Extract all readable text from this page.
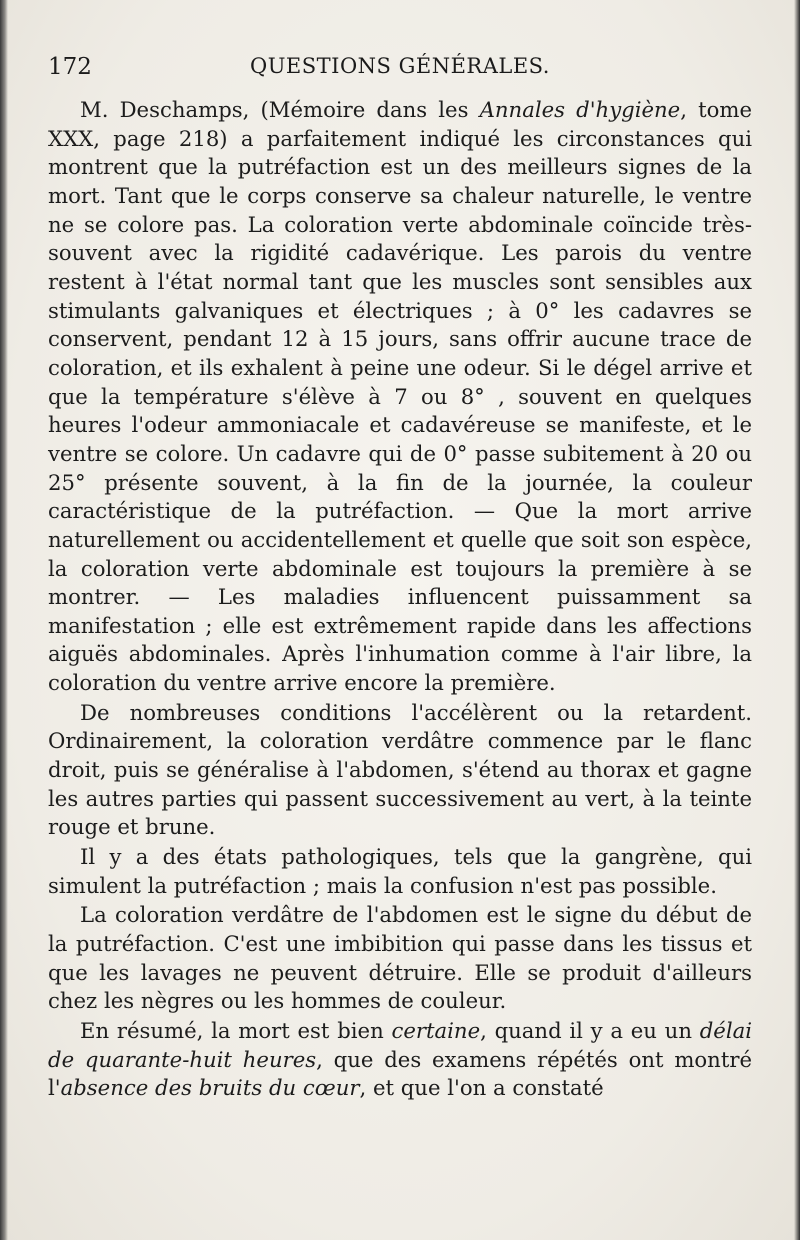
172	QUESTIONS GÉNÉRALES.

M. Deschamps, (Mémoire dans les Annales d'hygiène, tome XXX, page 218) a parfaitement indiqué les circonstances qui montrent que la putréfaction est un des meilleurs signes de la mort. Tant que le corps conserve sa chaleur naturelle, le ventre ne se colore pas. La coloration verte abdominale coïncide très-souvent avec la rigidité cadavérique. Les parois du ventre restent à l'état normal tant que les muscles sont sensibles aux stimulants galvaniques et électriques ; à 0° les cadavres se conservent, pendant 12 à 15 jours, sans offrir aucune trace de coloration, et ils exhalent à peine une odeur. Si le dégel arrive et que la température s'élève à 7 ou 8° , souvent en quelques heures l'odeur ammoniacale et cadavéreuse se manifeste, et le ventre se colore. Un cadavre qui de 0° passe subitement à 20 ou 25° présente souvent, à la fin de la journée, la couleur caractéristique de la putréfaction. — Que la mort arrive naturellement ou accidentellement et quelle que soit son espèce, la coloration verte abdominale est toujours la première à se montrer. — Les maladies influencent puissamment sa manifestation ; elle est extrêmement rapide dans les affections aiguës abdominales. Après l'inhumation comme à l'air libre, la coloration du ventre arrive encore la première.

De nombreuses conditions l'accélèrent ou la retardent. Ordinairement, la coloration verdâtre commence par le flanc droit, puis se généralise à l'abdomen, s'étend au thorax et gagne les autres parties qui passent successivement au vert, à la teinte rouge et brune.

Il y a des états pathologiques, tels que la gangrène, qui simulent la putréfaction ; mais la confusion n'est pas possible.

La coloration verdâtre de l'abdomen est le signe du début de la putréfaction. C'est une imbibition qui passe dans les tissus et que les lavages ne peuvent détruire. Elle se produit d'ailleurs chez les nègres ou les hommes de couleur.

En résumé, la mort est bien certaine, quand il y a eu un délai de quarante-huit heures, que des examens répétés ont montré l'absence des bruits du cœur, et que l'on a constaté
